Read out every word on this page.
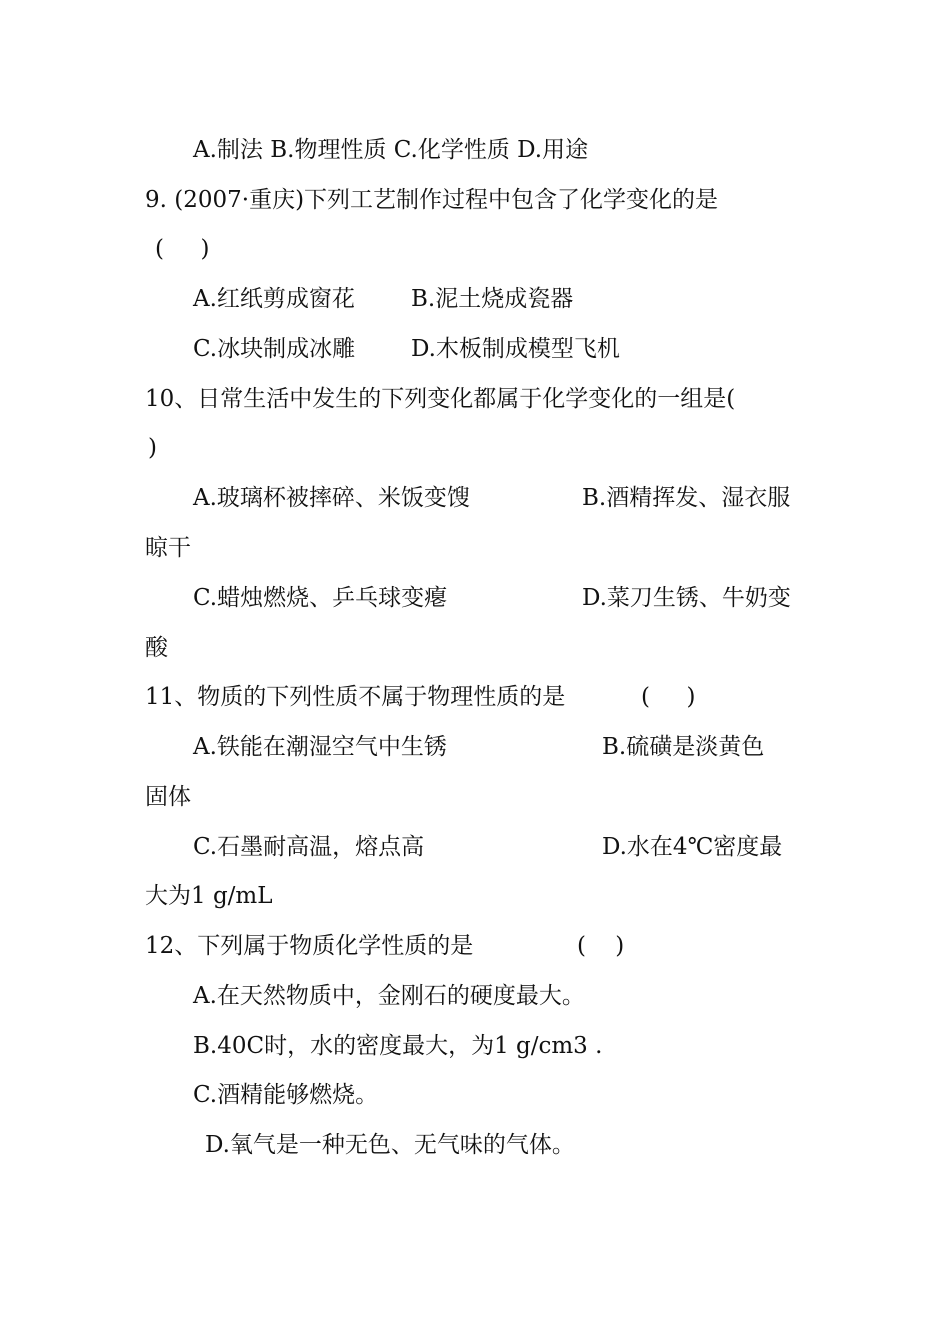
A.制法 B.物理性质 C.化学性质 D.用途
9. (2007·重庆)下列工艺制作过程中包含了化学变化的是
(     )

A.红纸剪成窗花

B.泥土烧成瓷器

C.冰块制成冰雕

D.木板制成模型飞机

10、日常生活中发生的下列变化都属于化学变化的一组是(
)

A.玻璃杯被摔碎、米饭变馊

	B.酒精挥发、湿衣服

晾干

C.蜡烛燃烧、乒乓球变瘪

	D.菜刀生锈、牛奶变

酸

11、物质的下列性质不属于物理性质的是

	(     )

A.铁能在潮湿空气中生锈

	B.硫磺是淡黄色

固体

C.石墨耐高温，熔点高

	D.水在4℃密度最

大为1 g/mL

12、下列属于物质化学性质的是

	(    )

A.在天然物质中，金刚石的硬度最大。
B.40C时，水的密度最大，为1 g/cm3 .
C.酒精能够燃烧。
D.氧气是一种无色、无气味的气体。
